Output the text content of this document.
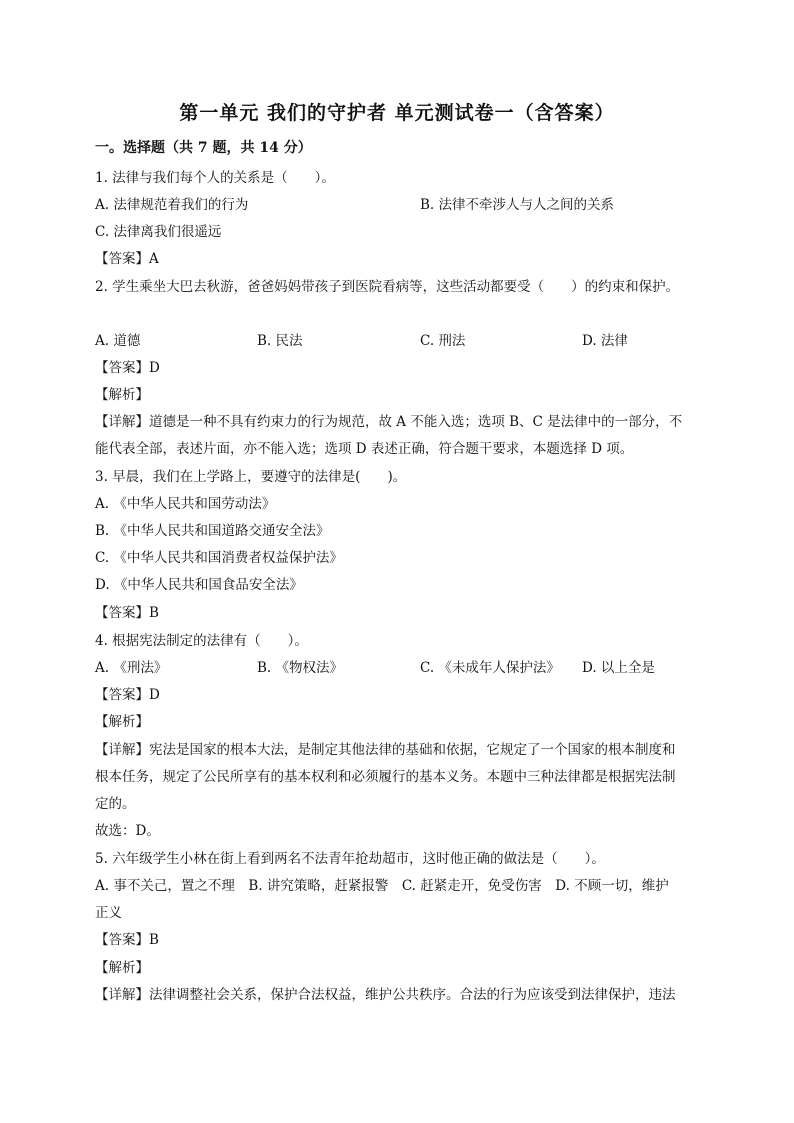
第一单元 我们的守护者 单元测试卷一（含答案）
一。选择题（共 7 题，共 14 分）
1. 法律与我们每个人的关系是（　　）。
A. 法律规范着我们的行为	B. 法律不牵涉人与人之间的关系
C. 法律离我们很遥远
【答案】A
2. 学生乘坐大巴去秋游，爸爸妈妈带孩子到医院看病等，这些活动都要受（　　）的约束和保护。
A. 道德	B. 民法	C. 刑法	D. 法律
【答案】D
【解析】
【详解】道德是一种不具有约束力的行为规范，故 A 不能入选；选项 B、C 是法律中的一部分，不
能代表全部，表述片面，亦不能入选；选项 D 表述正确，符合题干要求，本题选择 D 项。
3. 早晨，我们在上学路上，要遵守的法律是(　　)。
A. 《中华人民共和国劳动法》
B. 《中华人民共和国道路交通安全法》
C. 《中华人民共和国消费者权益保护法》
D. 《中华人民共和国食品安全法》
【答案】B
4. 根据宪法制定的法律有（　　）。
A. 《刑法》	B. 《物权法》	C. 《未成年人保护法》 D. 以上全是
【答案】D
【解析】
【详解】宪法是国家的根本大法，是制定其他法律的基础和依据，它规定了一个国家的根本制度和
根本任务，规定了公民所享有的基本权利和必须履行的基本义务。本题中三种法律都是根据宪法制
定的。
故选：D。
5. 六年级学生小林在街上看到两名不法青年抢劫超市，这时他正确的做法是（　　）。
A. 事不关己，置之不理　B. 讲究策略，赶紧报警　C. 赶紧走开，免受伤害　D. 不顾一切，维护
正义
【答案】B
【解析】
【详解】法律调整社会关系，保护合法权益，维护公共秩序。合法的行为应该受到法律保护，违法
